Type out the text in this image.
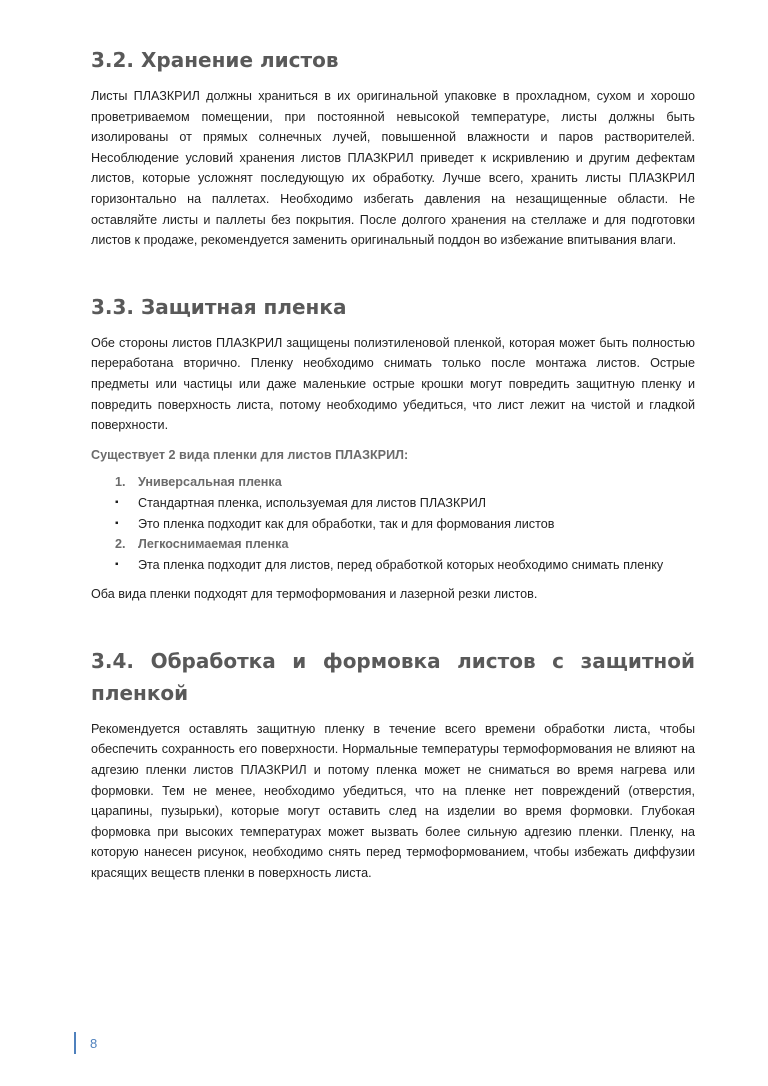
3.2. Хранение листов

Листы ПЛАЗКРИЛ должны храниться в их оригинальной упаковке в прохладном, сухом и хорошо проветриваемом помещении, при постоянной невысокой температуре, листы должны быть изолированы от прямых солнечных лучей, повышенной влажности и паров растворителей. Несоблюдение условий хранения листов ПЛАЗКРИЛ приведет к искривлению и другим дефектам листов, которые усложнят последующую их обработку. Лучше всего, хранить листы ПЛАЗКРИЛ горизонтально на паллетах. Необходимо избегать давления на незащищенные области. Не оставляйте листы и паллеты без покрытия. После долгого хранения на стеллаже и для подготовки листов к продаже, рекомендуется заменить оригинальный поддон во избежание впитывания влаги.

3.3. Защитная пленка

Обе стороны листов ПЛАЗКРИЛ защищены полиэтиленовой пленкой, которая может быть полностью переработана вторично. Пленку необходимо снимать только после монтажа листов. Острые предметы или частицы или даже маленькие острые крошки могут повредить защитную пленку и повредить поверхность листа, потому необходимо убедиться, что лист лежит на чистой и гладкой поверхности.

Существует 2 вида пленки для листов ПЛАЗКРИЛ:
1. Универсальная пленка
▪	Стандартная пленка, используемая для листов ПЛАЗКРИЛ
▪	Это пленка подходит как для обработки, так и для формования листов
2. Легкоснимаемая пленка
▪	Эта пленка подходит для листов, перед обработкой которых необходимо снимать пленку

Оба вида пленки подходят для термоформования и лазерной резки листов.

3.4. Обработка и формовка листов с защитной пленкой

Рекомендуется оставлять защитную пленку в течение всего времени обработки листа, чтобы обеспечить сохранность его поверхности. Нормальные температуры термоформования не влияют на адгезию пленки листов ПЛАЗКРИЛ и потому пленка может не сниматься во время нагрева или формовки. Тем не менее, необходимо убедиться, что на пленке нет повреждений (отверстия, царапины, пузырьки), которые могут оставить след на изделии во время формовки. Глубокая формовка при высоких температурах может вызвать более сильную адгезию пленки. Пленку, на которую нанесен рисунок, необходимо снять перед термоформованием, чтобы избежать диффузии красящих веществ пленки в поверхность листа.

8
